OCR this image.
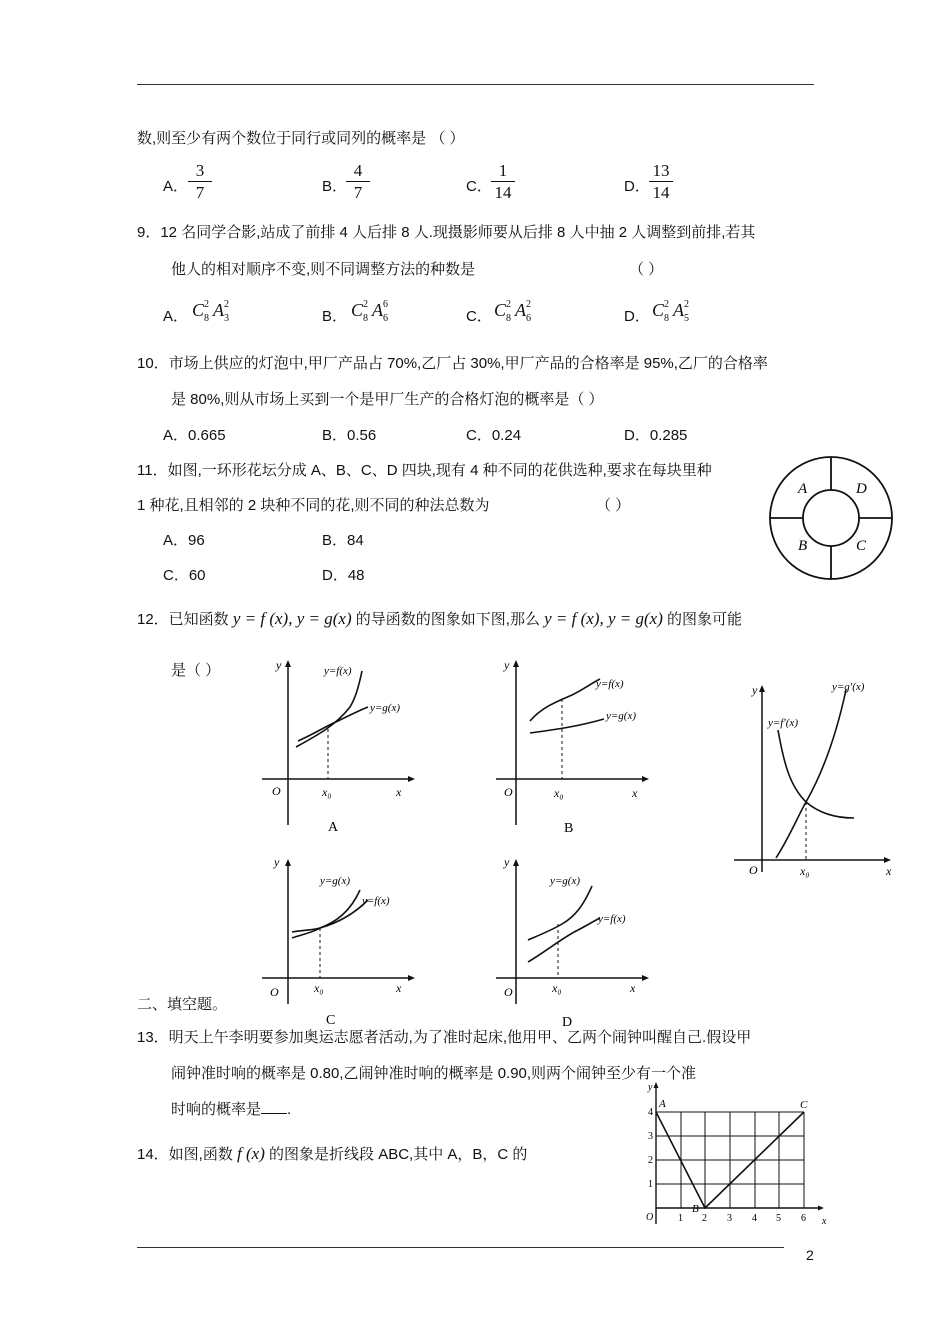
数,则至少有两个数位于同行或同列的概率是 （ ）
A． $\frac{3}{7}$	B．
$\frac{4}{7}$	C． $\frac{1}{14}$	D． $\frac{13}{14}$
9．12 名同学合影,站成了前排 4 人后排 8 人.现摄影师要从后排 8 人中抽 2 人调整到前排,若其
他人的相对顺序不变,则不同调整方法的种数是	（ ）
A． C 2
8 A 2
3	B． C 2
8 A 6
6	C． C 2
8 A 2
6	D． C 2
8 A 2
5
10．市场上供应的灯泡中,甲厂产品占 70%,乙厂占 30%,甲厂产品的合格率是 95%,乙厂的合格率
是 80%,则从市场上买到一个是甲厂生产的合格灯泡的概率是（ ）
A．0.665	B．0.56	C．0.24	D．0.285
11．如图,一环形花坛分成 A、B、C、D 四块,现有 4 种不同的花供选种,要求在每块里种
1 种花,且相邻的 2 块种不同的花,则不同的种法总数为	（ ）
A．96	B．84
C．60	D．48
A	D
B	C
12．已知函数 y = f (x), y = g(x) 的导函数的图象如下图,那么 y = f (x), y = g(x) 的图象可能
是（ ）	y
x
O	x₀
y=f(x)
y=g(x)
A
y
x
O	x₀
y=f(x)
y=g(x)
B
y
x
O	x₀
y=f′(x)
y=g′(x)
y
x
O	x₀
y=g(x)
y=f(x)
C
y
x
O	x₀
y=g(x)
y=f(x)
D
二、填空题。
13．明天上午李明要参加奥运志愿者活动,为了准时起床,他用甲、乙两个闹钟叫醒自己.假设甲
闹钟准时响的概率是 0.80,乙闹钟准时响的概率是 0.90,则两个闹钟至少有一个准
时响的概率是 .
14．如图,函数 f (x) 的图象是折线段 ABC,其中 A，B，C 的
y
x
O
4
3
2
1
1 2 3 4 5 6
A
B
C
2
